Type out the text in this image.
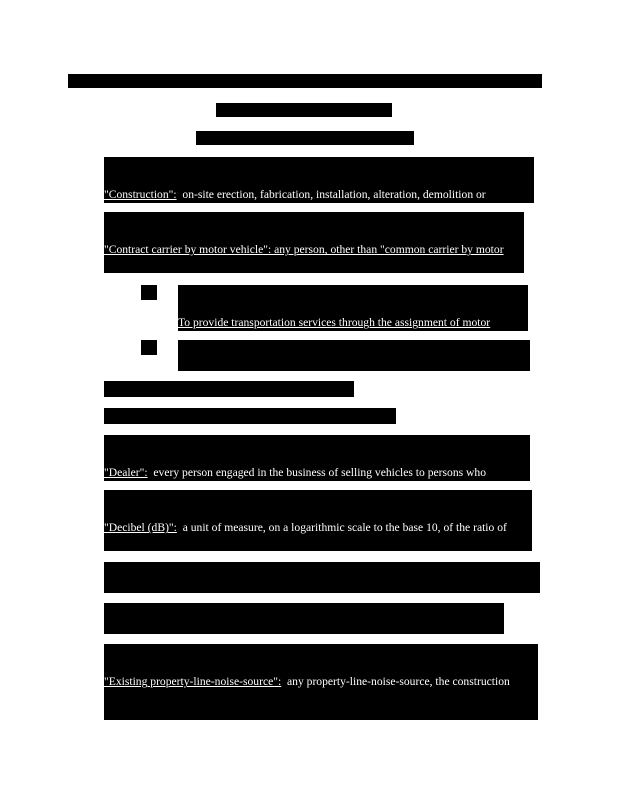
"Construction":  on-site erection, fabrication, installation, alteration, demolition or

"Contract carrier by motor vehicle": any person, other than "common carrier by motor

To provide transportation services through the assignment of motor

"Dealer":  every person engaged in the business of selling vehicles to persons who

"Decibel (dB)":  a unit of measure, on a logarithmic scale to the base 10, of the ratio of

"Existing property-line-noise-source":  any property-line-noise-source, the construction
